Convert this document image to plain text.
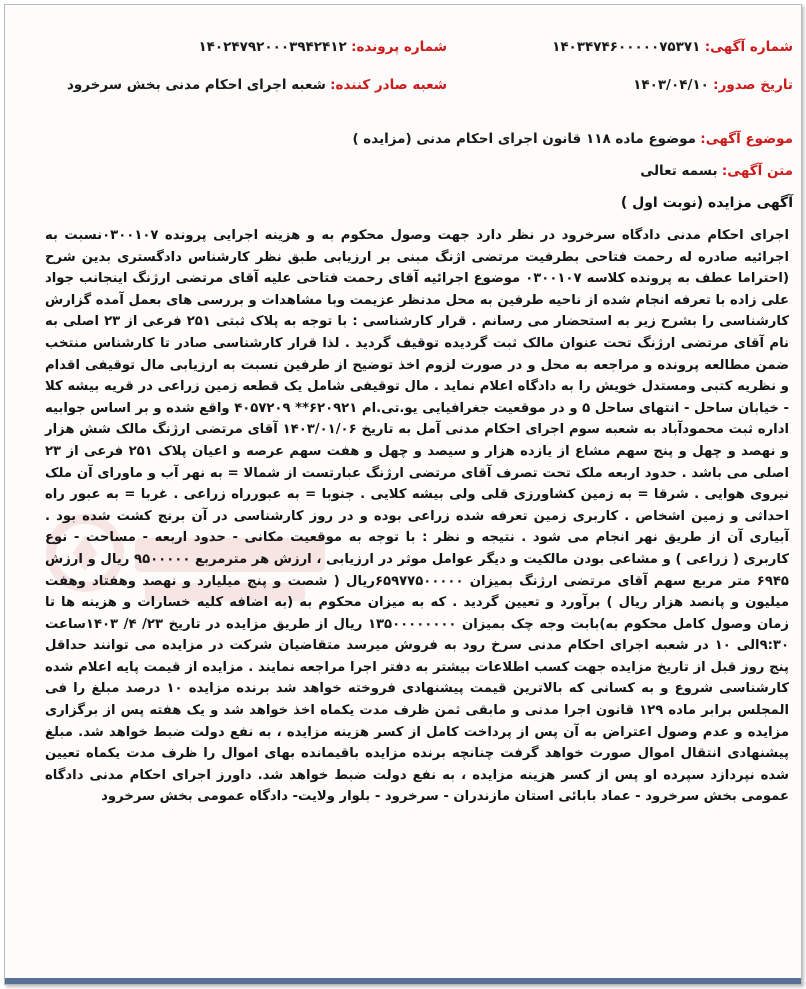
شماره آگهی: ۱۴۰۳۴۷۴۶۰۰۰۰۰۷۵۳۷۱
شماره پرونده: ۱۴۰۲۴۷۹۲۰۰۰۳۹۴۲۴۱۲
تاریخ صدور: ۱۴۰۳/۰۴/۱۰
شعبه صادر کننده: شعبه اجرای احکام مدنی بخش سرخرود
موضوع آگهی: موضوع ماده ۱۱۸ قانون اجرای احکام مدنی (مزایده )
متن آگهی: بسمه تعالی
آگهی مزایده (نوبت اول )
اجرای احکام مدنی دادگاه سرخرود در نظر دارد جهت وصول محکوم به و هزینه اجرایی پرونده ۰۳۰۰۱۰۷نسبت به اجرائیه صادره له رحمت فتاحی بطرفیت مرتضی اژنگ مبنی بر ارزیابی طبق نظر کارشناس دادگستری بدین شرح (احتراما عطف به پرونده کلاسه ۰۳۰۰۱۰۷ موضوع اجرائیه آقای رحمت فتاحی علیه آقای مرتضی ارژنگ اینجانب جواد علی زاده با تعرفه انجام شده از ناحیه طرفین به محل مدنظر عزیمت وبا مشاهدات و بررسی های بعمل آمده گزارش کارشناسی را بشرح زیر به استحضار می رسانم . قرار کارشناسی : با توجه به پلاک ثبتی ۲۵۱ فرعی از ۲۳ اصلی به نام آقای مرتضی ارژنگ تحت عنوان مالک ثبت گردیده توقیف گردید . لذا قرار کارشناسی صادر تا کارشناس منتخب ضمن مطالعه پرونده و مراجعه به محل و در صورت لزوم اخذ توضیح از طرفین نسبت به ارزیابی مال توقیفی اقدام و نظریه کتبی ومستدل خویش را به دادگاه اعلام نماید . مال توقیفی شامل یک قطعه زمین زراعی در قریه بیشه کلا - خیابان ساحل - انتهای ساحل ۵ و در موقعیت جغرافیایی یو.تی.ام ۶۲۰۹۲۱** ۴۰۵۷۲۰۹ واقع شده و بر اساس جوابیه اداره ثبت محمودآباد به شعبه سوم اجرای احکام مدنی آمل به تاریخ ۱۴۰۳/۰۱/۰۶ آقای مرتضی ارژنگ مالک شش هزار و نهصد و چهل و پنج سهم مشاع از یازده هزار و سیصد و چهل و هفت سهم عرصه و اعیان پلاک ۲۵۱ فرعی از ۲۳ اصلی می باشد . حدود اربعه ملک تحت تصرف آقای مرتضی ارژنگ عبارتست از شمالا = به نهر آب و ماورای آن ملک نیروی هوایی . شرقا = به زمین کشاورزی قلی ولی بیشه کلایی . جنوبا = به عبورراه زراعی . غربا = به عبور راه احداثی و زمین اشخاص . کاربری زمین تعرفه شده زراعی بوده و در روز کارشناسی در آن برنج کشت شده بود . آبیاری آن از طریق نهر انجام می شود . نتیجه و نظر : با توجه به موقعیت مکانی - حدود اربعه - مساحت - نوع کاربری ( زراعی ) و مشاعی بودن مالکیت و دیگر عوامل موثر در ارزیابی ، ارزش هر مترمربع ۹۵۰۰۰۰۰ ریال و ارزش ۶۹۴۵ متر مربع سهم آقای مرتضی ارژنگ بمیزان ۶۵۹۷۷۵۰۰۰۰۰ریال ( شصت و پنج میلیارد و نهصد وهفتاد وهفت میلیون و پانصد هزار ریال ) برآورد و تعیین گردید . که به میزان محکوم به (به اضافه کلیه خسارات و هزینه ها تا زمان وصول کامل محکوم به)بابت وجه چک بمیزان ۱۳۵۰۰۰۰۰۰۰۰ ریال از طریق مزایده در تاریخ ۲۳/ ۴/ ۱۴۰۳ساعت ۹:۳۰الی ۱۰ در شعبه اجرای احکام مدنی سرخ رود به فروش میرسد متقاضیان شرکت در مزایده می توانند حداقل پنج روز قبل از تاریخ مزایده جهت کسب اطلاعات بیشتر به دفتر اجرا مراجعه نمایند . مزایده از قیمت پایه اعلام شده کارشناسی شروع و به کسانی که بالاترین قیمت پیشنهادی فروخته خواهد شد برنده مزایده ۱۰ درصد مبلغ را فی المجلس برابر ماده ۱۲۹ قانون اجرا مدنی و مابقی ثمن ظرف مدت یکماه اخذ خواهد شد و یک هفته پس از برگزاری مزایده و عدم وصول اعتراض به آن پس از پرداخت کامل از کسر هزینه مزایده ، به نفع دولت ضبط خواهد شد. مبلغ پیشنهادی انتقال اموال صورت خواهد گرفت چنانچه برنده مزایده باقیمانده بهای اموال را ظرف مدت یکماه تعیین شده نپردازد سپرده او پس از کسر هزینه مزایده ، به نفع دولت ضبط خواهد شد. داورز اجرای احکام مدنی دادگاه عمومی بخش سرخرود - عماد بابائی استان مازندران - سرخرود - بلوار ولایت- دادگاه عمومی بخش سرخرود
